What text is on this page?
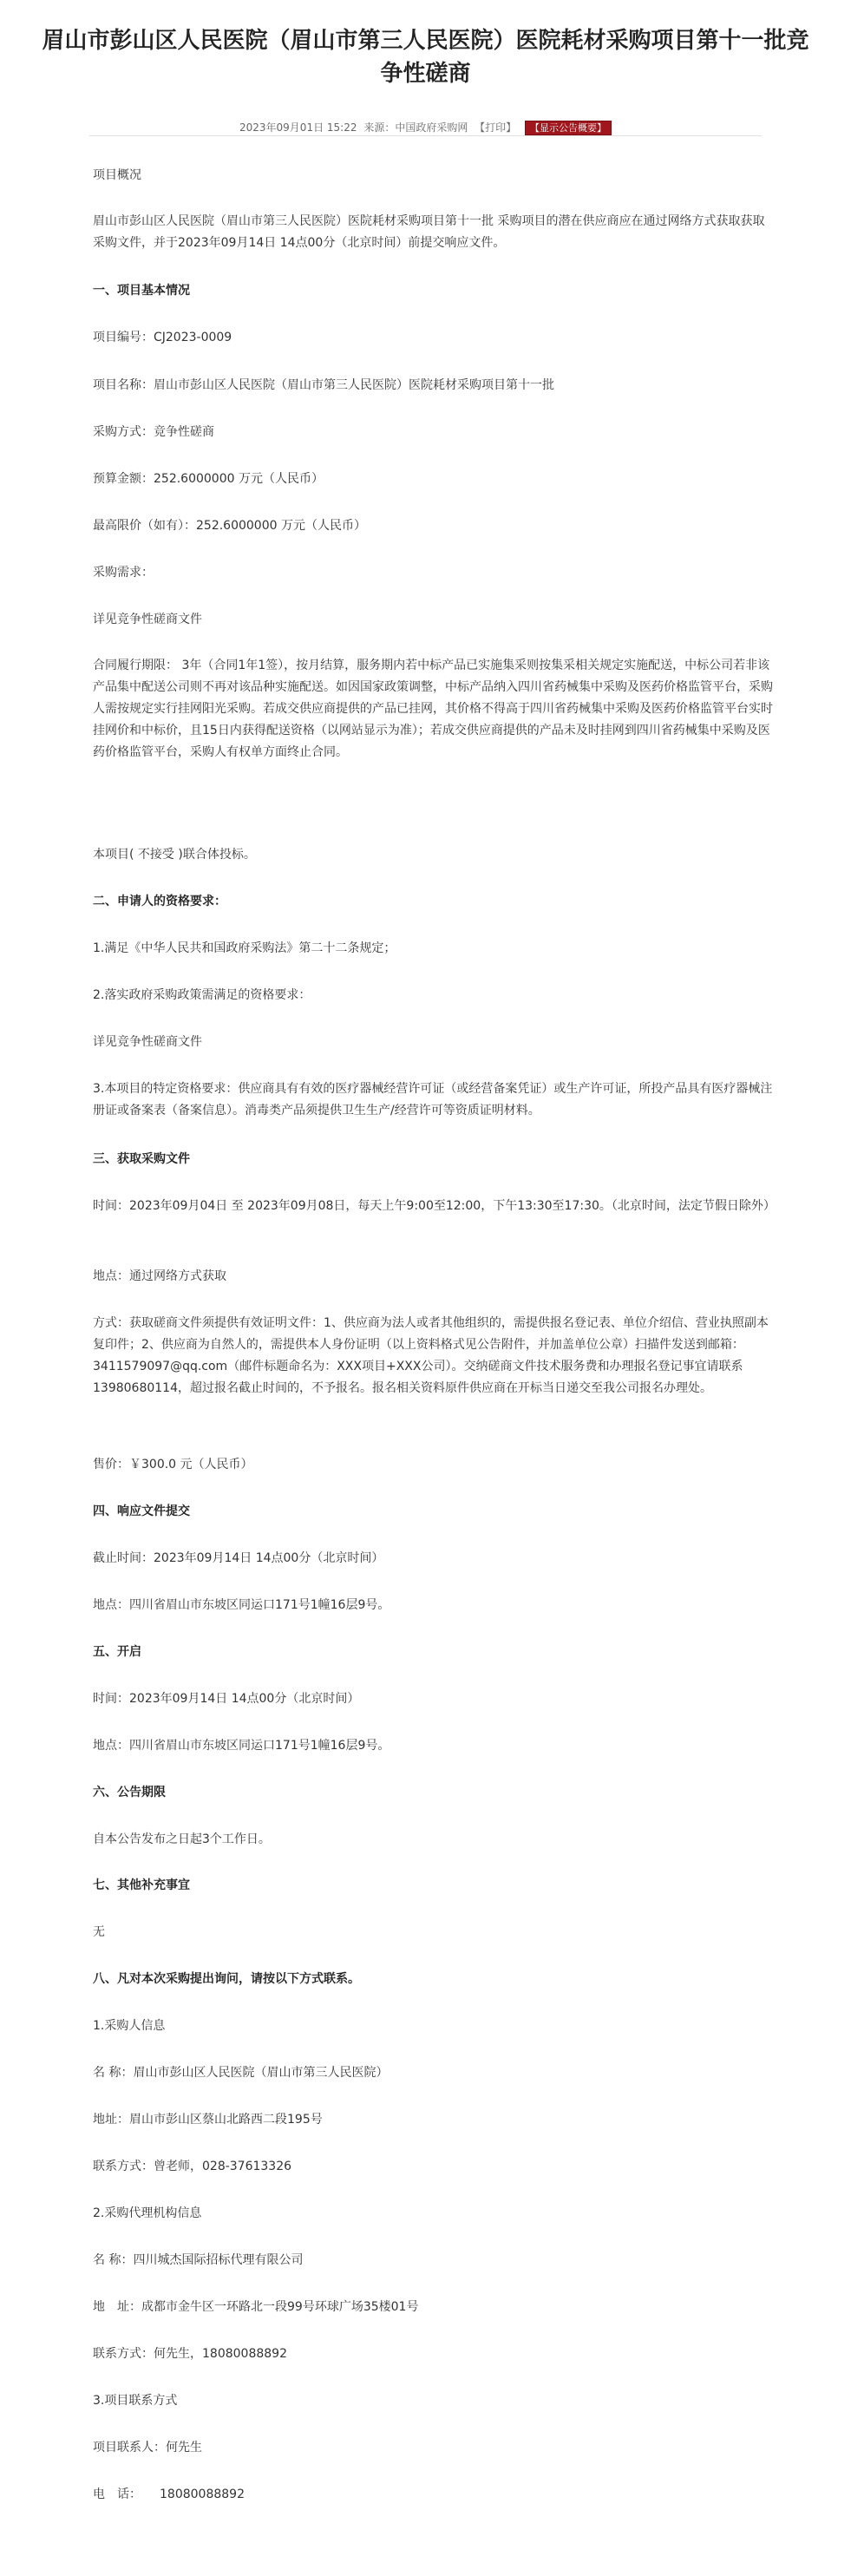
眉山市彭山区人民医院（眉山市第三人民医院）医院耗材采购项目第十一批竞争性磋商
2023年09月01日 15:22 来源：中国政府采购网 【打印】 【显示公告概要】

项目概况

眉山市彭山区人民医院（眉山市第三人民医院）医院耗材采购项目第十一批 采购项目的潜在供应商应在通过网络方式获取获取采购文件，并于2023年09月14日 14点00分（北京时间）前提交响应文件。

一、项目基本情况

项目编号：CJ2023-0009

项目名称：眉山市彭山区人民医院（眉山市第三人民医院）医院耗材采购项目第十一批

采购方式：竞争性磋商

预算金额：252.6000000 万元（人民币）

最高限价（如有）：252.6000000 万元（人民币）

采购需求：

详见竞争性磋商文件

合同履行期限： 3年（合同1年1签），按月结算，服务期内若中标产品已实施集采则按集采相关规定实施配送，中标公司若非该产品集中配送公司则不再对该品种实施配送。如因国家政策调整，中标产品纳入四川省药械集中采购及医药价格监管平台，采购人需按规定实行挂网阳光采购。若成交供应商提供的产品已挂网，其价格不得高于四川省药械集中采购及医药价格监管平台实时挂网价和中标价，且15日内获得配送资格（以网站显示为准）；若成交供应商提供的产品未及时挂网到四川省药械集中采购及医药价格监管平台，采购人有权单方面终止合同。

本项目( 不接受 )联合体投标。

二、申请人的资格要求：

1.满足《中华人民共和国政府采购法》第二十二条规定；

2.落实政府采购政策需满足的资格要求：

详见竞争性磋商文件

3.本项目的特定资格要求：供应商具有有效的医疗器械经营许可证（或经营备案凭证）或生产许可证，所投产品具有医疗器械注册证或备案表（备案信息）。消毒类产品须提供卫生生产/经营许可等资质证明材料。

三、获取采购文件

时间：2023年09月04日 至 2023年09月08日，每天上午9:00至12:00，下午13:30至17:30。（北京时间，法定节假日除外）

地点：通过网络方式获取

方式：获取磋商文件须提供有效证明文件：1、供应商为法人或者其他组织的，需提供报名登记表、单位介绍信、营业执照副本复印件；2、供应商为自然人的，需提供本人身份证明（以上资料格式见公告附件，并加盖单位公章）扫描件发送到邮箱：3411579097@qq.com（邮件标题命名为：XXX项目+XXX公司）。交纳磋商文件技术服务费和办理报名登记事宜请联系13980680114，超过报名截止时间的，不予报名。报名相关资料原件供应商在开标当日递交至我公司报名办理处。

售价：￥300.0 元（人民币）

四、响应文件提交

截止时间：2023年09月14日 14点00分（北京时间）

地点：四川省眉山市东坡区同运口171号1幢16层9号。

五、开启

时间：2023年09月14日 14点00分（北京时间）

地点：四川省眉山市东坡区同运口171号1幢16层9号。

六、公告期限

自本公告发布之日起3个工作日。

七、其他补充事宜

无

八、凡对本次采购提出询问，请按以下方式联系。

1.采购人信息

名 称：眉山市彭山区人民医院（眉山市第三人民医院）

地址：眉山市彭山区蔡山北路西二段195号

联系方式：曾老师，028-37613326

2.采购代理机构信息

名 称：四川城杰国际招标代理有限公司

地　址：成都市金牛区一环路北一段99号环球广场35楼01号

联系方式：何先生，18080088892

3.项目联系方式

项目联系人：何先生

电　话：　　18080088892
